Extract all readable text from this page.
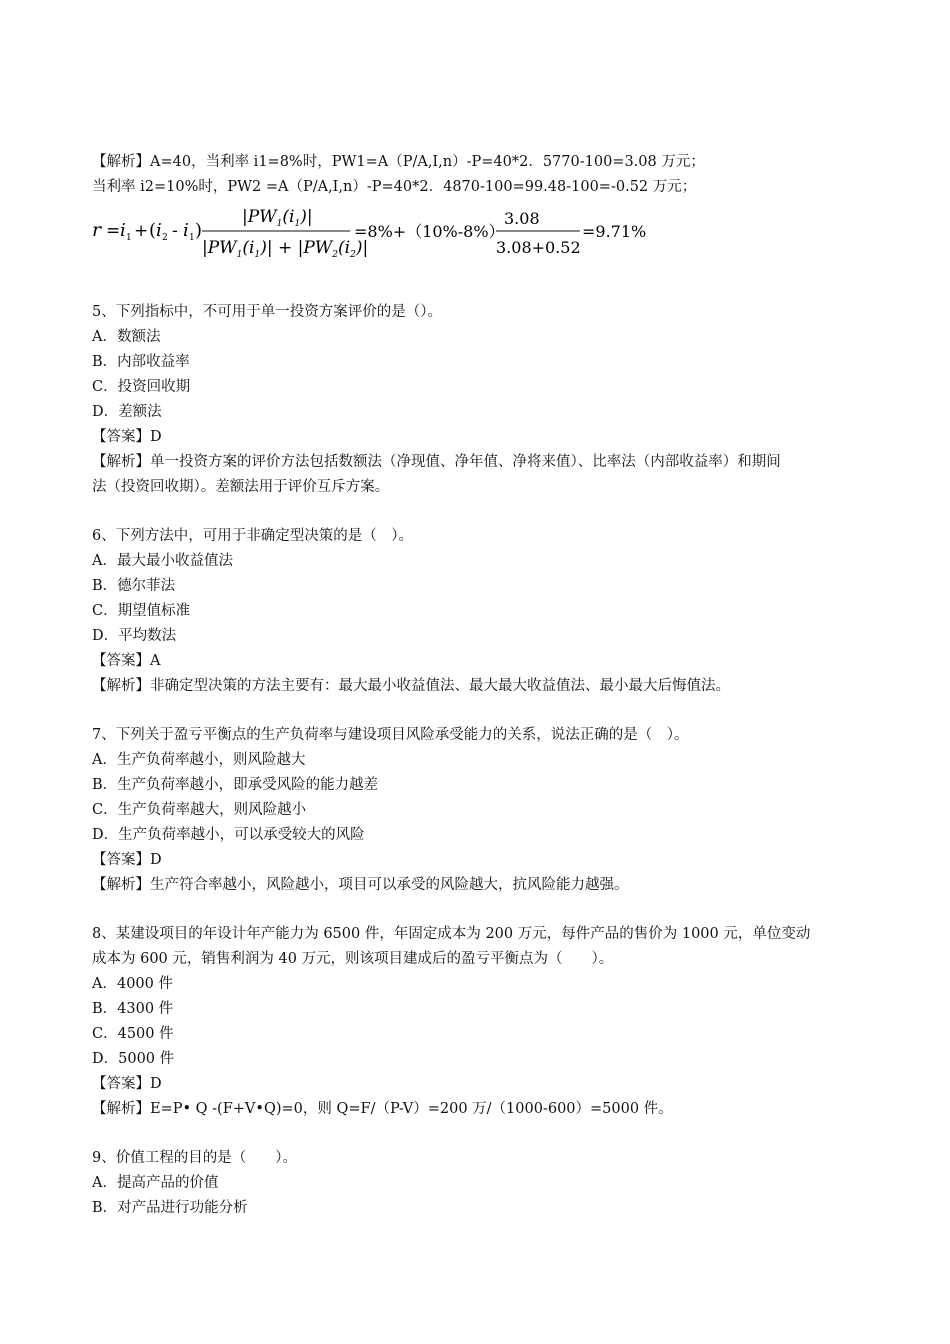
【解析】A=40，当利率 i1=8%时，PW1=A（P/A,I,n）-P=40*2．5770-100=3.08 万元；
当利率 i2=10%时，PW2 =A（P/A,I,n）-P=40*2．4870-100=99.48-100=-0.52 万元；
r = i 1 + ( i 2 - i 1 )
$|PW_1(i_1)|$
$|PW_1(i_1)| + |PW_2(i_2)|$
=8%+（10%-8%）
3.08
3.08+0.52
=9.71%
5、下列指标中，不可用于单一投资方案评价的是（）。
A．数额法
B．内部收益率
C．投资回收期
D．差额法
【答案】D
【解析】单一投资方案的评价方法包括数额法（净现值、净年值、净将来值）、比率法（内部收益率）和期间
法（投资回收期）。差额法用于评价互斥方案。
6、下列方法中，可用于非确定型决策的是（　）。
A．最大最小收益值法
B．德尔菲法
C．期望值标准
D．平均数法
【答案】A
【解析】非确定型决策的方法主要有：最大最小收益值法、最大最大收益值法、最小最大后悔值法。
7、下列关于盈亏平衡点的生产负荷率与建设项目风险承受能力的关系，说法正确的是（　）。
A．生产负荷率越小，则风险越大
B．生产负荷率越小，即承受风险的能力越差
C．生产负荷率越大，则风险越小
D．生产负荷率越小，可以承受较大的风险
【答案】D
【解析】生产符合率越小，风险越小，项目可以承受的风险越大，抗风险能力越强。
8、某建设项目的年设计年产能力为 6500 件，年固定成本为 200 万元，每件产品的售价为 1000 元，单位变动
成本为 600 元，销售利润为 40 万元，则该项目建成后的盈亏平衡点为（　　）。
A．4000 件
B．4300 件
C．4500 件
D．5000 件
【答案】D
【解析】E=P• Q -(F+V•Q)=0，则 Q=F/（P-V）=200 万/（1000-600）=5000 件。
9、价值工程的目的是（　　）。
A．提高产品的价值
B．对产品进行功能分析
